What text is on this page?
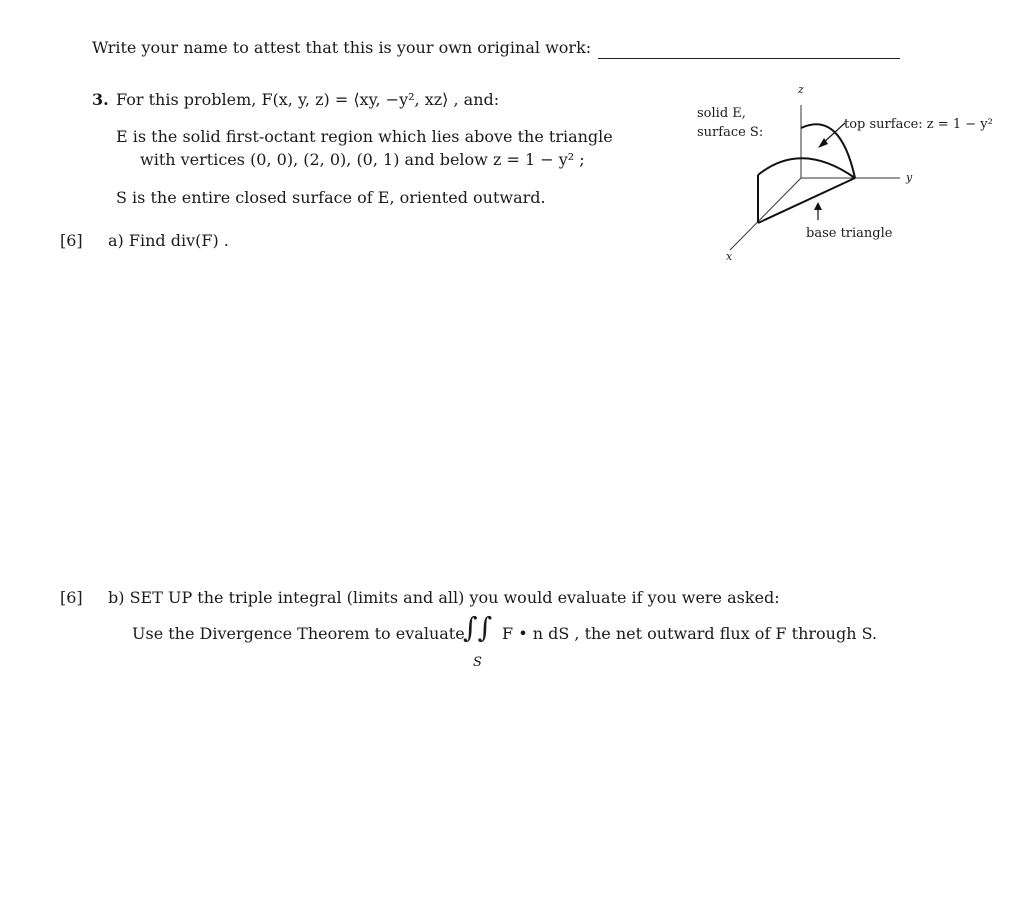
Write your name to attest that this is your own original work:
3. For this problem, F(x, y, z) = ⟨xy, −y², xz⟩ , and:
E is the solid first-octant region which lies above the triangle
with vertices (0, 0), (2, 0), (0, 1) and below z = 1 − y² ;
S is the entire closed surface of E, oriented outward.
[6] a) Find div(F) .
[6] b) SET UP the triple integral (limits and all) you would evaluate if you were asked:
Use the Divergence Theorem to evaluate
∫∫
S
F • n dS , the net outward flux of F through S.
solid E,
surface S:
z
y
x
top surface: z = 1 − y²
base triangle
